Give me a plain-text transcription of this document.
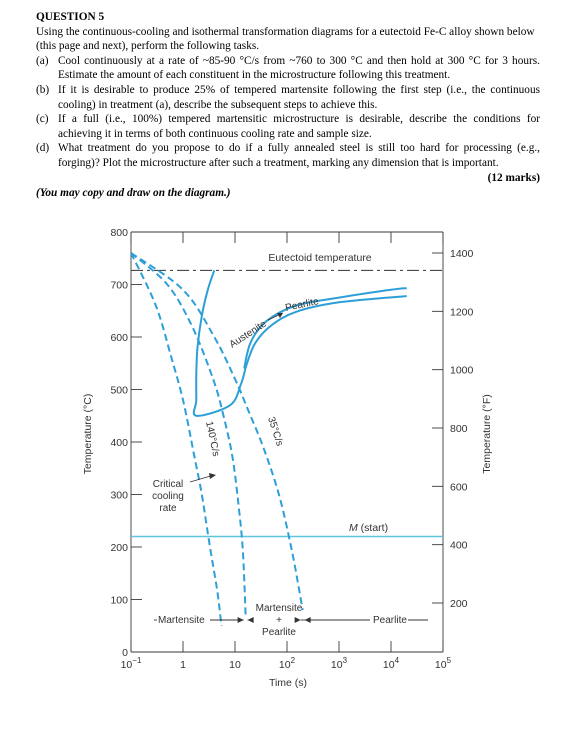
QUESTION 5

Using the continuous-cooling and isothermal transformation diagrams for a eutectoid Fe-C alloy shown below (this page and next), perform the following tasks.

(a) Cool continuously at a rate of ~85-90 °C/s from ~760 to 300 °C and then hold at 300 °C for 3 hours. Estimate the amount of each constituent in the microstructure following this treatment.
(b) If it is desirable to produce 25% of tempered martensite following the first step (i.e., the continuous cooling) in treatment (a), describe the subsequent steps to achieve this.
(c) If a full (i.e., 100%) tempered martensitic microstructure is desirable, describe the conditions for achieving it in terms of both continuous cooling rate and sample size.
(d) What treatment do you propose to do if a fully annealed steel is still too hard for processing (e.g., forging)? Plot the microstructure after such a treatment, marking any dimension that is important.

(12 marks)

(You may copy and draw on the diagram.)

0
100
200
300
400
500
600
700
800
200
400
600
800
1000
1200
1400
$10^{-1}$	1	10	$10^2$	$10^3$	$10^4$	$10^5$
Temperature (°C)	Temperature (°F)
Time (s)
Eutectoid temperature
M (start)
Austenite
Pearlite
140°C/s	35°C/s
Critical
cooling
rate
Martensite
Martensite
+
Pearlite
Pearlite
